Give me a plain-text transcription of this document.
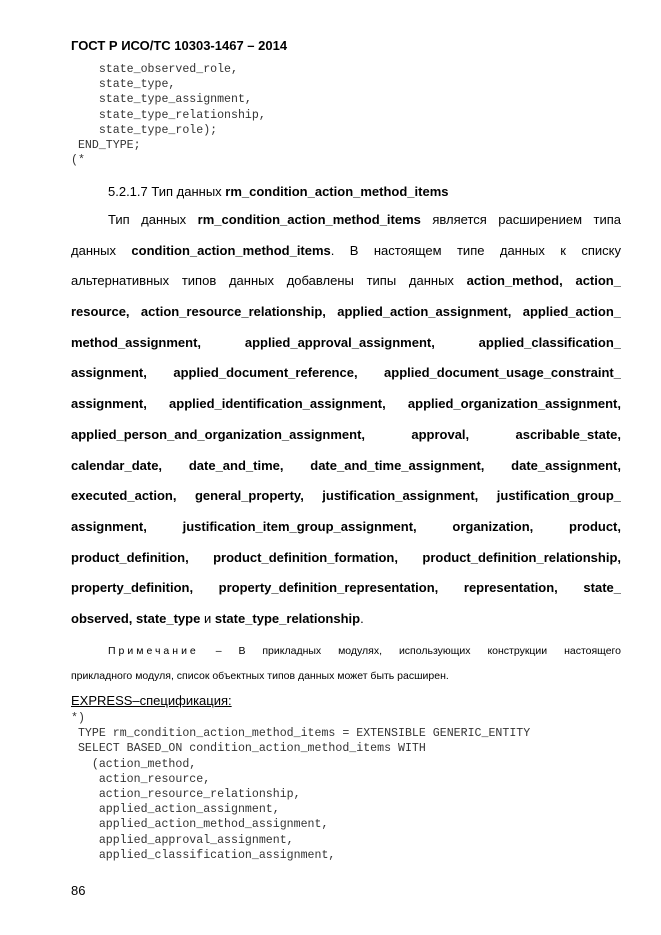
ГОСТ Р ИСО/ТС 10303-1467 – 2014
state_observed_role,
state_type,
state_type_assignment,
state_type_relationship,
state_type_role);
END_TYPE;
(*
5.2.1.7 Тип данных rm_condition_action_method_items
Тип данных rm_condition_action_method_items является расширением типа
данных condition_action_method_items. В настоящем типе данных к списку
альтернативных типов данных добавлены типы данных action_method, action_
resource, action_resource_relationship, applied_action_assignment, applied_action_
method_assignment, applied_approval_assignment, applied_classification_
assignment, applied_document_reference, applied_document_usage_constraint_
assignment, applied_identification_assignment, applied_organization_assignment,
applied_person_and_organization_assignment, approval, ascribable_state,
calendar_date, date_and_time, date_and_time_assignment, date_assignment,
executed_action, general_property, justification_assignment, justification_group_
assignment, justification_item_group_assignment, organization, product,
product_definition, product_definition_formation, product_definition_relationship,
property_definition, property_definition_representation, representation, state_
observed, state_type и state_type_relationship.
Примечание – В прикладных модулях, использующих конструкции настоящего
прикладного модуля, список объектных типов данных может быть расширен.
EXPRESS–спецификация:
*)
TYPE rm_condition_action_method_items = EXTENSIBLE GENERIC_ENTITY
SELECT BASED_ON condition_action_method_items WITH
(action_method,
action_resource,
action_resource_relationship,
applied_action_assignment,
applied_action_method_assignment,
applied_approval_assignment,
applied_classification_assignment,
86
